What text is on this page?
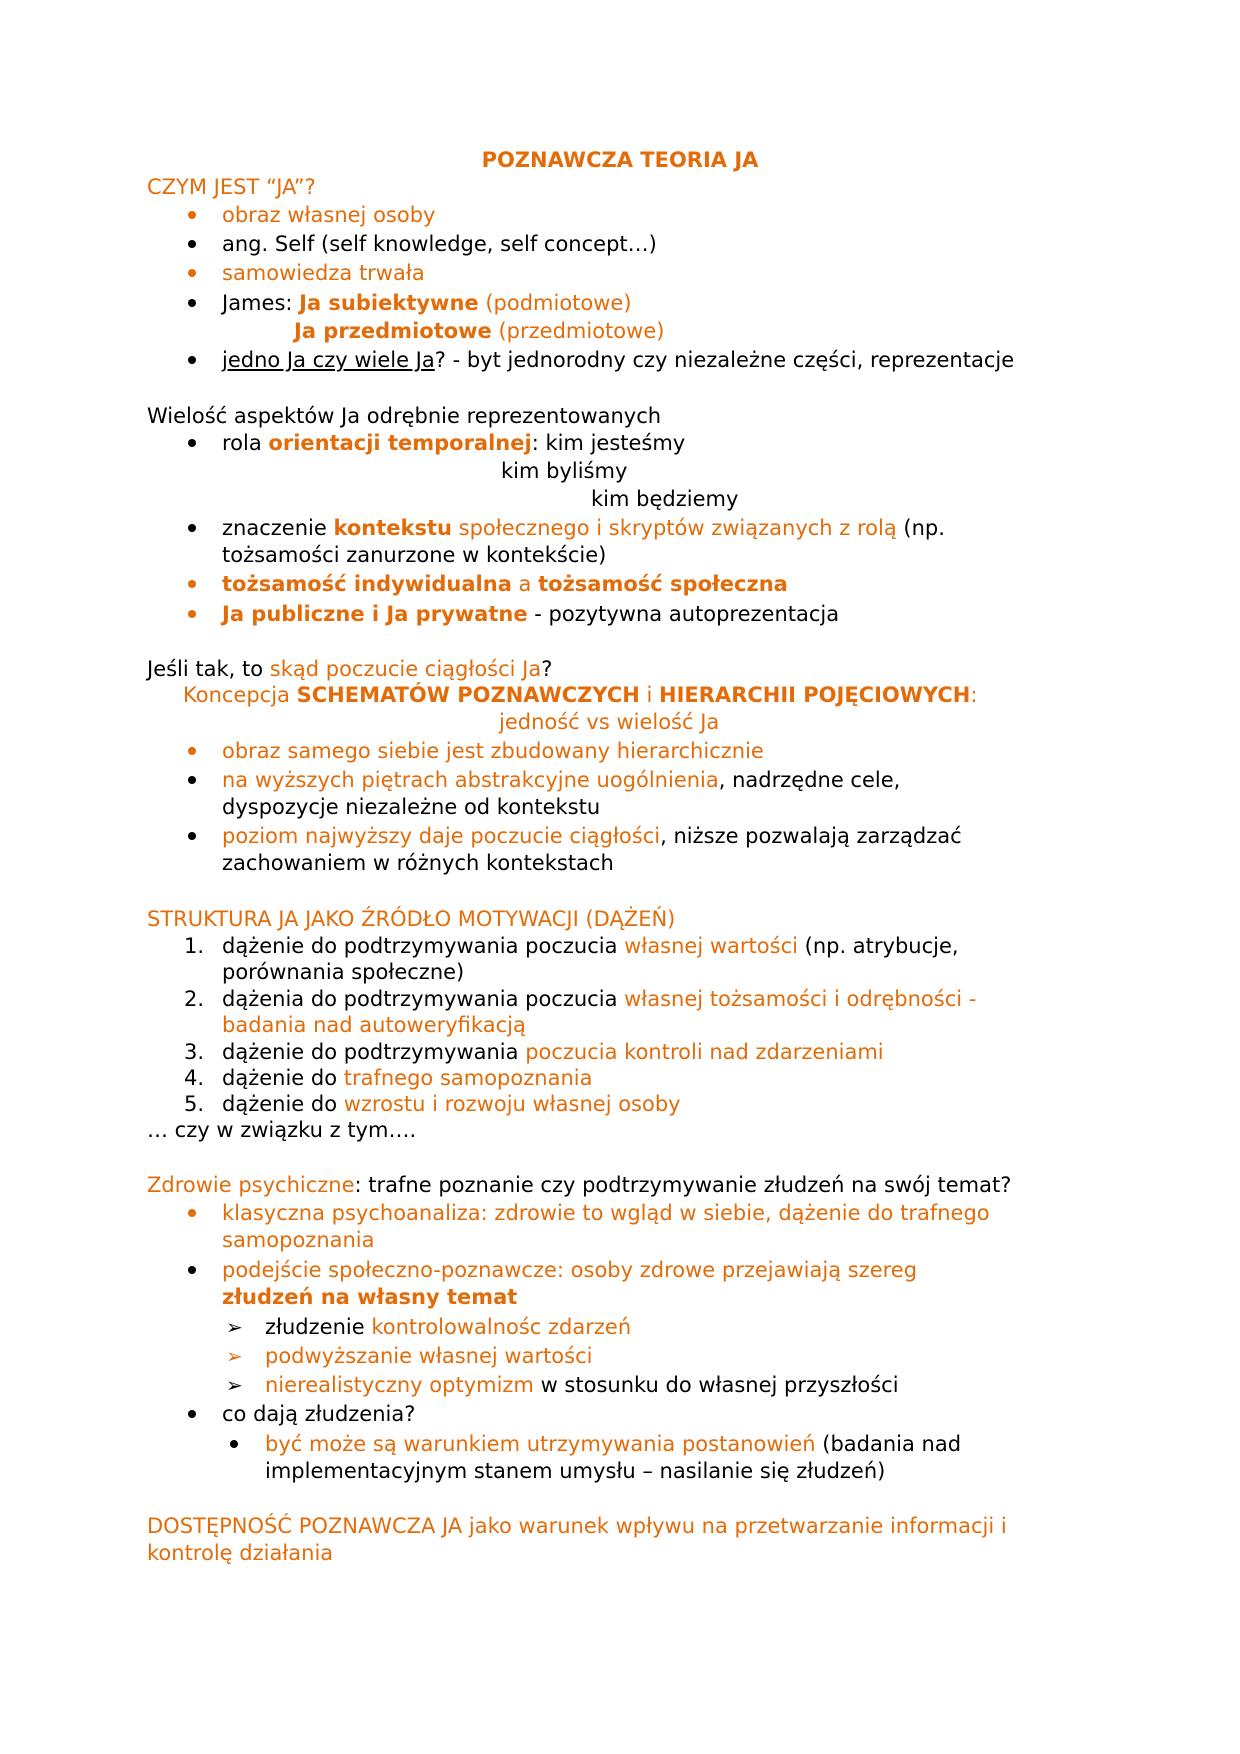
POZNAWCZA TEORIA JA
CZYM JEST “JA”?
obraz własnej osoby
ang. Self (self knowledge, self concept…)
samowiedza trwała
James: Ja subiektywne (podmiotowe)
Ja przedmiotowe (przedmiotowe)
jedno Ja czy wiele Ja? - byt jednorodny czy niezależne części, reprezentacje
Wielość aspektów Ja odrębnie reprezentowanych
rola orientacji temporalnej: kim jesteśmy
kim byliśmy
kim będziemy
znaczenie kontekstu społecznego i skryptów związanych z rolą (np.
tożsamości zanurzone w kontekście)
tożsamość indywidualna a tożsamość społeczna
Ja publiczne i Ja prywatne - pozytywna autoprezentacja
Jeśli tak, to skąd poczucie ciągłości Ja?
Koncepcja SCHEMATÓW POZNAWCZYCH i HIERARCHII POJĘCIOWYCH:
jedność vs wielość Ja
obraz samego siebie jest zbudowany hierarchicznie
na wyższych piętrach abstrakcyjne uogólnienia, nadrzędne cele,
dyspozycje niezależne od kontekstu
poziom najwyższy daje poczucie ciągłości, niższe pozwalają zarządzać
zachowaniem w różnych kontekstach
STRUKTURA JA JAKO ŹRÓDŁO MOTYWACJI (DĄŻEŃ)
1. dążenie do podtrzymywania poczucia własnej wartości (np. atrybucje,
porównania społeczne)
2. dążenia do podtrzymywania poczucia własnej tożsamości i odrębności -
badania nad autoweryfikacją
3. dążenie do podtrzymywania poczucia kontroli nad zdarzeniami
4. dążenie do trafnego samopoznania
5. dążenie do wzrostu i rozwoju własnej osoby
… czy w związku z tym….
Zdrowie psychiczne: trafne poznanie czy podtrzymywanie złudzeń na swój temat?
klasyczna psychoanaliza: zdrowie to wgląd w siebie, dążenie do trafnego
samopoznania
podejście społeczno-poznawcze: osoby zdrowe przejawiają szereg
złudzeń na własny temat
➢ złudzenie kontrolowalnośc zdarzeń
➢ podwyższanie własnej wartości
➢ nierealistyczny optymizm w stosunku do własnej przyszłości
co dają złudzenia?
być może są warunkiem utrzymywania postanowień (badania nad
implementacyjnym stanem umysłu – nasilanie się złudzeń)
DOSTĘPNOŚĆ POZNAWCZA JA jako warunek wpływu na przetwarzanie informacji i
kontrolę działania
